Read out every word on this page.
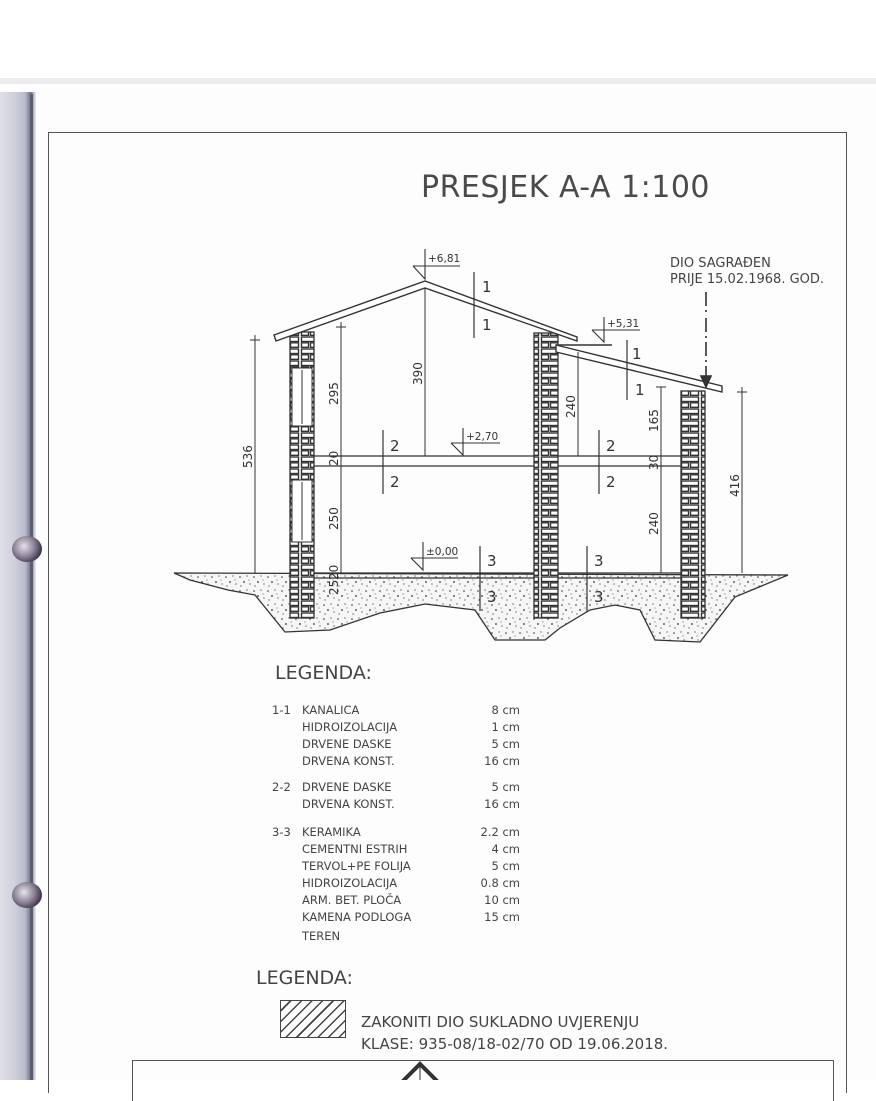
PRESJEK A-A 1:100
DIO SAGRAĐEN
PRIJE 15.02.1968. GOD.
+6,81
+5,31
+2,70
±0,00
1
1
1
1
2
2
2
2
3
3
3
3
536
295
20
250
20
25
390
240
165
30
240
416
LEGENDA:
1-1 KANALICA	8 cm
HIDROIZOLACIJA	1 cm
DRVENE DASKE	5 cm
DRVENA KONST.	16 cm
2-2 DRVENE DASKE	5 cm
DRVENA KONST.	16 cm
3-3 KERAMIKA	2.2 cm
CEMENTNI ESTRIH	4 cm
TERVOL+PE FOLIJA	5 cm
HIDROIZOLACIJA	0.8 cm
ARM. BET. PLOČA	10 cm
KAMENA PODLOGA	15 cm
TEREN
LEGENDA:
ZAKONITI DIO SUKLADNO UVJERENJU
KLASE: 935-08/18-02/70 OD 19.06.2018.
